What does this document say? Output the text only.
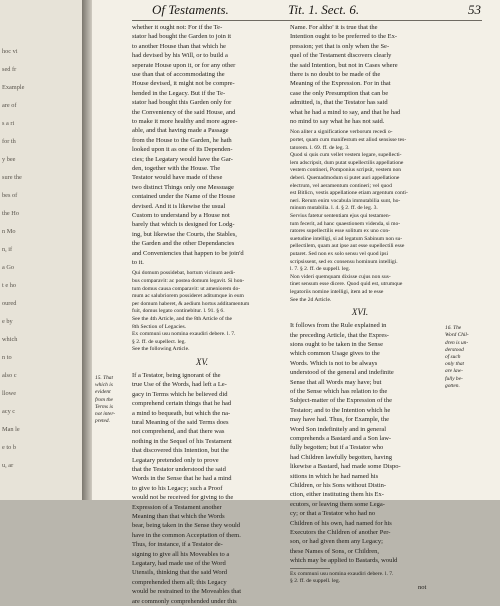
hoc vi
sed fr
Example
are of
s a ri
for th
y bee
sure the
bes of
the Ho
n Mo
n, if
a Go
t e ho
oured
e by
which
n to
also c
llowe
acy c
Man le
e to b
u, ar
Of Testaments.	Tit. 1. Sect. 6.	53
whether it ought not: For if the Te-
stator had bought the Garden to join it
to another House than that which he
had devised by his Will, or to build a
seperate House upon it, or for any other
use than that of accommodating the
House devised, it might not be compre-
hended in the Legacy. But if the Te-
stator had bought this Garden only for
the Conveniency of the said House, and
to make it more healthy and more agree-
able, and that having made a Passage
from the House to the Garden, he hath
looked upon it as one of its Dependen-
cies; the Legatary would have the Gar-
den, together with the House. The
Testator would have made of these
two distinct Things only one Messuage
contained under the Name of the House
devised. And it is likewise the usual
Custom to understand by a House not
barely that which is designed for Lodg-
ing, but likewise the Courts, the Stables,
the Garden and the other Dependancies
and Conveniencies that happen to be join'd
to it.
Qui domum possidebat, hortum vicinum aedi-
bus comparavit: ac postea domum legavit. Si hon-
tum domus causa comparavit: ut ameniorem do-
mum ac salubriorem possideret aditumque in eum
per domum haberet, & aedium hortus additamentum
fuit, domus legato continebitur. l. 91. § 6.
See the 4th Article, and the 8th Article of the
8th Section of Legacies.
Ex communi usu nomina exaudiri debere. l. 7.
§ 2. ff. de supellect. leg.
See the following Article.
XV.
If a Testator, being ignorant of the
true Use of the Words, had left a Le-
gacy in Terms which he believed did
comprehend certain things that he had
a mind to bequeath, but which the na-
tural Meaning of the said Terms does
not comprehend, and that there was
nothing in the Sequel of his Testament
that discovered this Intention, but the
Legatary pretended only to prove
that the Testator understood the said
Words in the Sense that he had a mind
to give to his Legacy; such a Proof
would not be received for giving to the
Expression of a Testament another
Meaning than that which the Words
bear, being taken in the Sense they would
have in the common Acceptation of them.
Thus, for instance, if a Testator de-
signing to give all his Moveables to a
Legatary, had made use of the Word
Utensils, thinking that the said Word
comprehended them all; this Legacy
would be restrained to the Moveables that
are commonly comprehended under this
15. That
which is
evident
from the
Terms is
not inter-
preted.
Name. For altho' it is true that the
Intention ought to be preferred to the Ex-
pression; yet that is only when the Se-
quel of the Testament discovers clearly
the said Intention, but not in Cases where
there is no doubt to be made of the
Meaning of the Expression. For in that
case the only Presumption that can be
admitted, is, that the Testator has said
what he had a mind to say, and that he had
no mind to say what he has not said.
Non aliter a significatione verborum recedi o-
portet, quam cum manifestum est aliud sensisse tes-
tatorem. l. 69. ff. de leg. 3.
Quod si quis cum vellet vestem legare, supellecti-
lem adscripsit, dum putat supellectilis appellatione
vestem contineri, Pomponius scripsit, vestem non
deberi. Quemadmodum si putet auri appellatione
electrum, vel aeramentum contineri; vel quod
est Bitlicn, vestis appellatione etiam argentum conti-
neri. Rerum enim vocabula immutabilia sunt, ho-
minum mutabilia. l. 4. § 2. ff. de leg. 3.
Servius fatetur sententiam ejus qui testamen-
tum fecerit, ad hanc quaestionem videnda, si mo-
ratores supellectilis esse solitum ex uno con-
suetudine intelligi, si ad legatum Sabinum non su-
pellectilem, quam aut ipse aut esse supellectili esse
putaret. Sed non ex solo sensu vel quod ipsi
scripsissent, sed ex consensu hominum intelligi.
l. 7. § 2. ff. de suppell. leg.
Non videri quemquam dixisse cujus non sus-
tinet sensum esse dicere. Quod quid est, utrumque
legatoriis nomine intelligi, item ad te esse
See the 2d Article.
XVI.
It follows from the Rule explained in
the preceding Article, that the Expres-
sions ought to be taken in the Sense
which common Usage gives to the
Words. Which is not to be always
understood of the general and indefinite
Sense that all Words may have; but
of the Sense which has relation to the
Subject-matter of the Expression of the
Testator; and to the Intention which he
may have had. Thus, for Example, the
Word Son indefinitely and in general
comprehends a Bastard and a Son law-
fully begotten; but if a Testator who
had Children lawfully begotten, having
likewise a Bastard, had made some Dispo-
sitions in which he had named his
Children, or his Sons without Distin-
ction, either instituting them his Ex-
ecutors, or leaving them some Lega-
cy; or that a Testator who had no
Children of his own, had named for his
Executors the Children of another Per-
son, or had given them any Legacy;
these Names of Sons, or Children,
which may be applied to Bastards, would
Ex communi usu nomina exaudiri debere. l. 7.
§ 2. ff. de suppell. leg.
not
16. The
Word Chil-
dren is un-
derstood
of such
only that
are law-
fully be-
gotten.
